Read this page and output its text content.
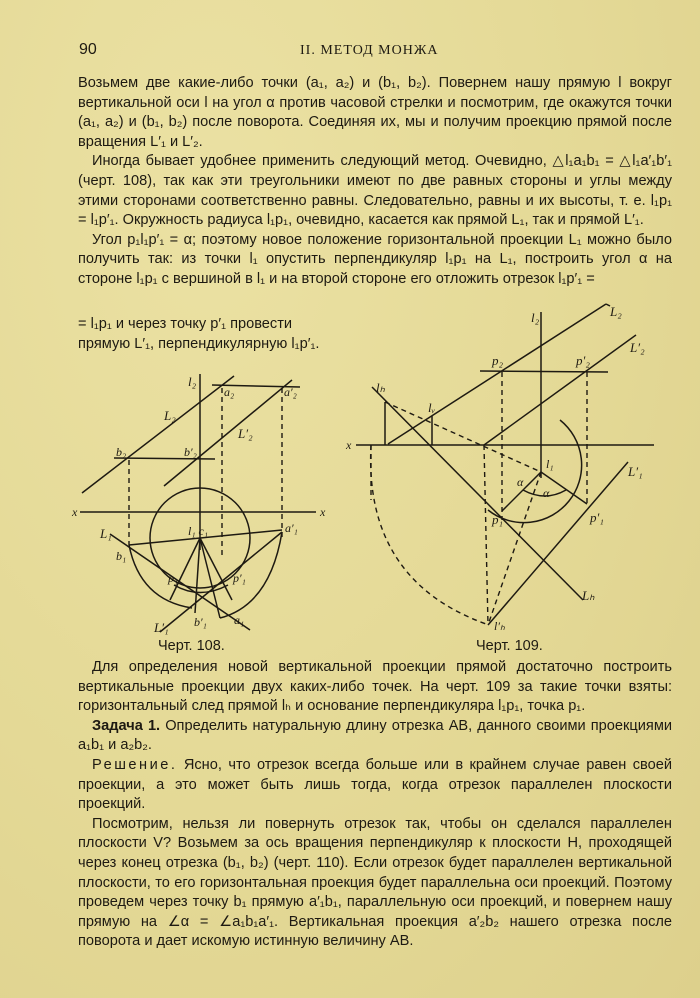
90	II. МЕТОД МОНЖА

Возьмем две какие-либо точки (a₁, a₂) и (b₁, b₂). Повернем нашу прямую l вокруг вертикальной оси l на угол α против часовой стрелки и посмотрим, где окажутся точки (a₁, a₂) и (b₁, b₂) после поворота. Соединяя их, мы и получим проекцию прямой после вращения L′₁ и L′₂.

Иногда бывает удобнее применить следующий метод. Очевидно, △l₁a₁b₁ = △l₁a′₁b′₁ (черт. 108), так как эти треугольники имеют по две равных стороны и углы между этими сторонами соответственно равны. Следовательно, равны и их высоты, т. е. l₁p₁ = l₁p′₁. Окружность радиуса l₁p₁, очевидно, касается как прямой L₁, так и прямой L′₁.

Угол p₁l₁p′₁ = α; поэтому новое положение горизонтальной проекции L₁ можно было получить так: из точки l₁ опустить перпендикуляр l₁p₁ на L₁, построить угол α на стороне l₁p₁ с вершиной в l₁ и на второй стороне его отложить отрезок l₁p′₁ =

= l₁p₁ и через точку p′₁ провести
прямую L′₁, перпендикулярную l₁p′₁.
l₂
a₂	a′₂
L₂
L′₂
b₂	b′₂
x	x
l₁ c₁	a′₁
L₁
b₁
p₁	p′₁
b′₁ a₁
L′₁
l₂	L₂
L′₂
p₂	p′₂
lₕ
lᵥ
x
l₁
α
α
L′₁
p₁	p′₁
Lₕ
l′ₕ
Черт. 108.	Черт. 109.

Для определения новой вертикальной проекции прямой достаточно построить вертикальные проекции двух каких-либо точек. На черт. 109 за такие точки взяты: горизонтальный след прямой lₕ и основание перпендикуляра l₁p₁, точка p₁.

Задача 1. Определить натуральную длину отрезка AB, данного своими проекциями a₁b₁ и a₂b₂.

Решение. Ясно, что отрезок всегда больше или в крайнем случае равен своей проекции, а это может быть лишь тогда, когда отрезок параллелен плоскости проекций.

Посмотрим, нельзя ли повернуть отрезок так, чтобы он сделался параллелен плоскости V? Возьмем за ось вращения перпендикуляр к плоскости H, проходящей через конец отрезка (b₁, b₂) (черт. 110). Если отрезок будет параллелен вертикальной плоскости, то его горизонтальная проекция будет параллельна оси проекций. Поэтому проведем через точку b₁ прямую a′₁b₁, параллельную оси проекций, и повернем нашу прямую на ∠α = ∠a₁b₁a′₁. Вертикальная проекция a′₂b₂ нашего отрезка после поворота и дает искомую истинную величину AB.
